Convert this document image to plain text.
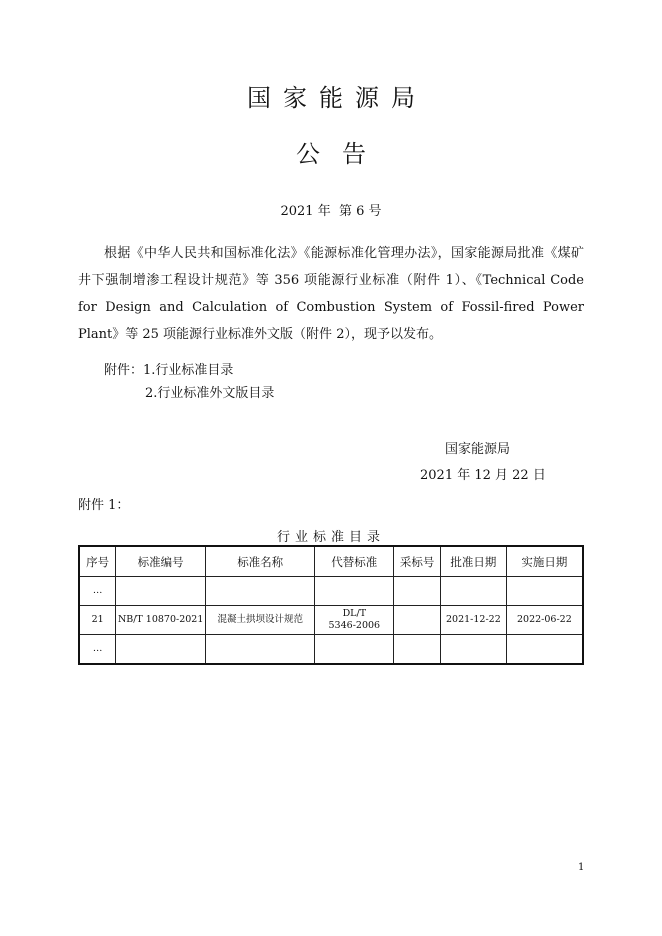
国家能源局
公告
2021 年  第 6 号
根据《中华人民共和国标准化法》《能源标准化管理办法》，国家能源局批准《煤矿井下强制增渗工程设计规范》等 356 项能源行业标准（附件 1）、《Technical Code for Design and Calculation of Combustion System of Fossil-fired Power Plant》等 25 项能源行业标准外文版（附件 2），现予以发布。
附件：1.行业标准目录
2.行业标准外文版目录
国家能源局
2021 年 12 月 22 日
附件 1：
行业标准目录
序号	标准编号	标准名称	代替标准	采标号	批准日期	实施日期
…						
21	NB/T 10870-2021	混凝土拱坝设计规范	DL/T 5346-2006		2021-12-22	2022-06-22
…						
1
